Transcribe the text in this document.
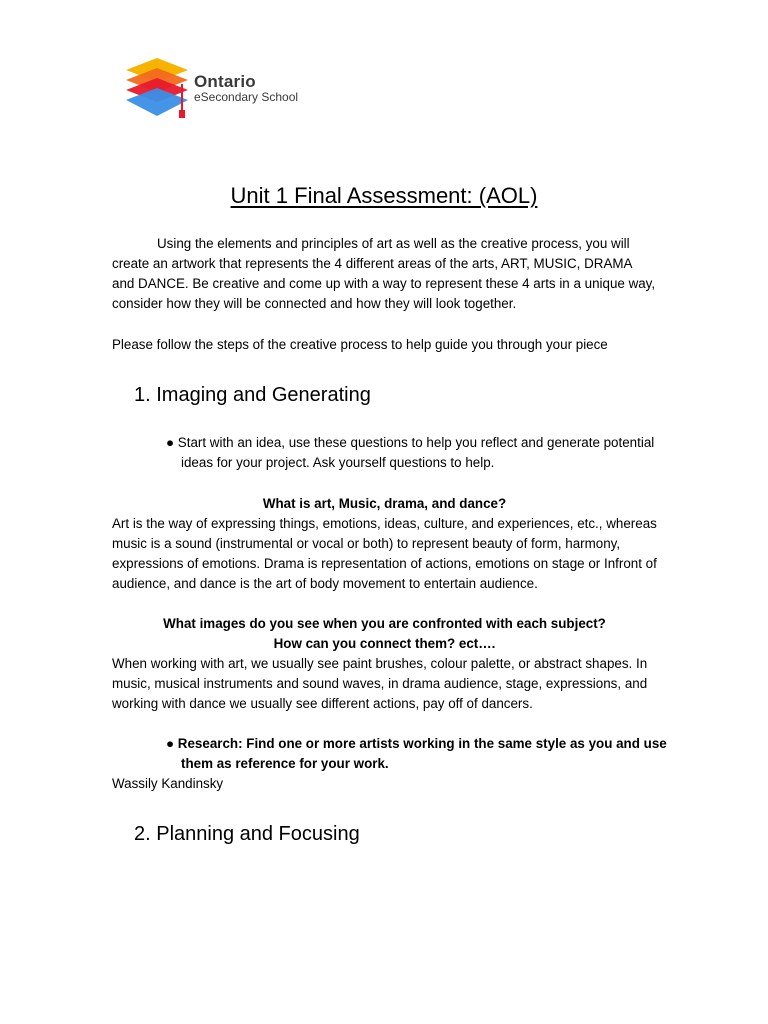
Ontario
eSecondary School
Unit 1 Final Assessment: (AOL)
Using the elements and principles of art as well as the creative process, you will create an artwork that represents the 4 different areas of the arts, ART, MUSIC, DRAMA and DANCE. Be creative and come up with a way to represent these 4 arts in a unique way, consider how they will be connected and how they will look together.
Please follow the steps of the creative process to help guide you through your piece
1. Imaging and Generating
● Start with an idea, use these questions to help you reflect and generate potential ideas for your project. Ask yourself questions to help.
What is art, Music, drama, and dance?
Art is the way of expressing things, emotions, ideas, culture, and experiences, etc., whereas music is a sound (instrumental or vocal or both) to represent beauty of form, harmony, expressions of emotions. Drama is representation of actions, emotions on stage or Infront of audience, and dance is the art of body movement to entertain audience.
What images do you see when you are confronted with each subject?
How can you connect them? ect….
When working with art, we usually see paint brushes, colour palette, or abstract shapes. In music, musical instruments and sound waves, in drama audience, stage, expressions, and working with dance we usually see different actions, pay off of dancers.
● Research: Find one or more artists working in the same style as you and use them as reference for your work.
Wassily Kandinsky
2. Planning and Focusing
